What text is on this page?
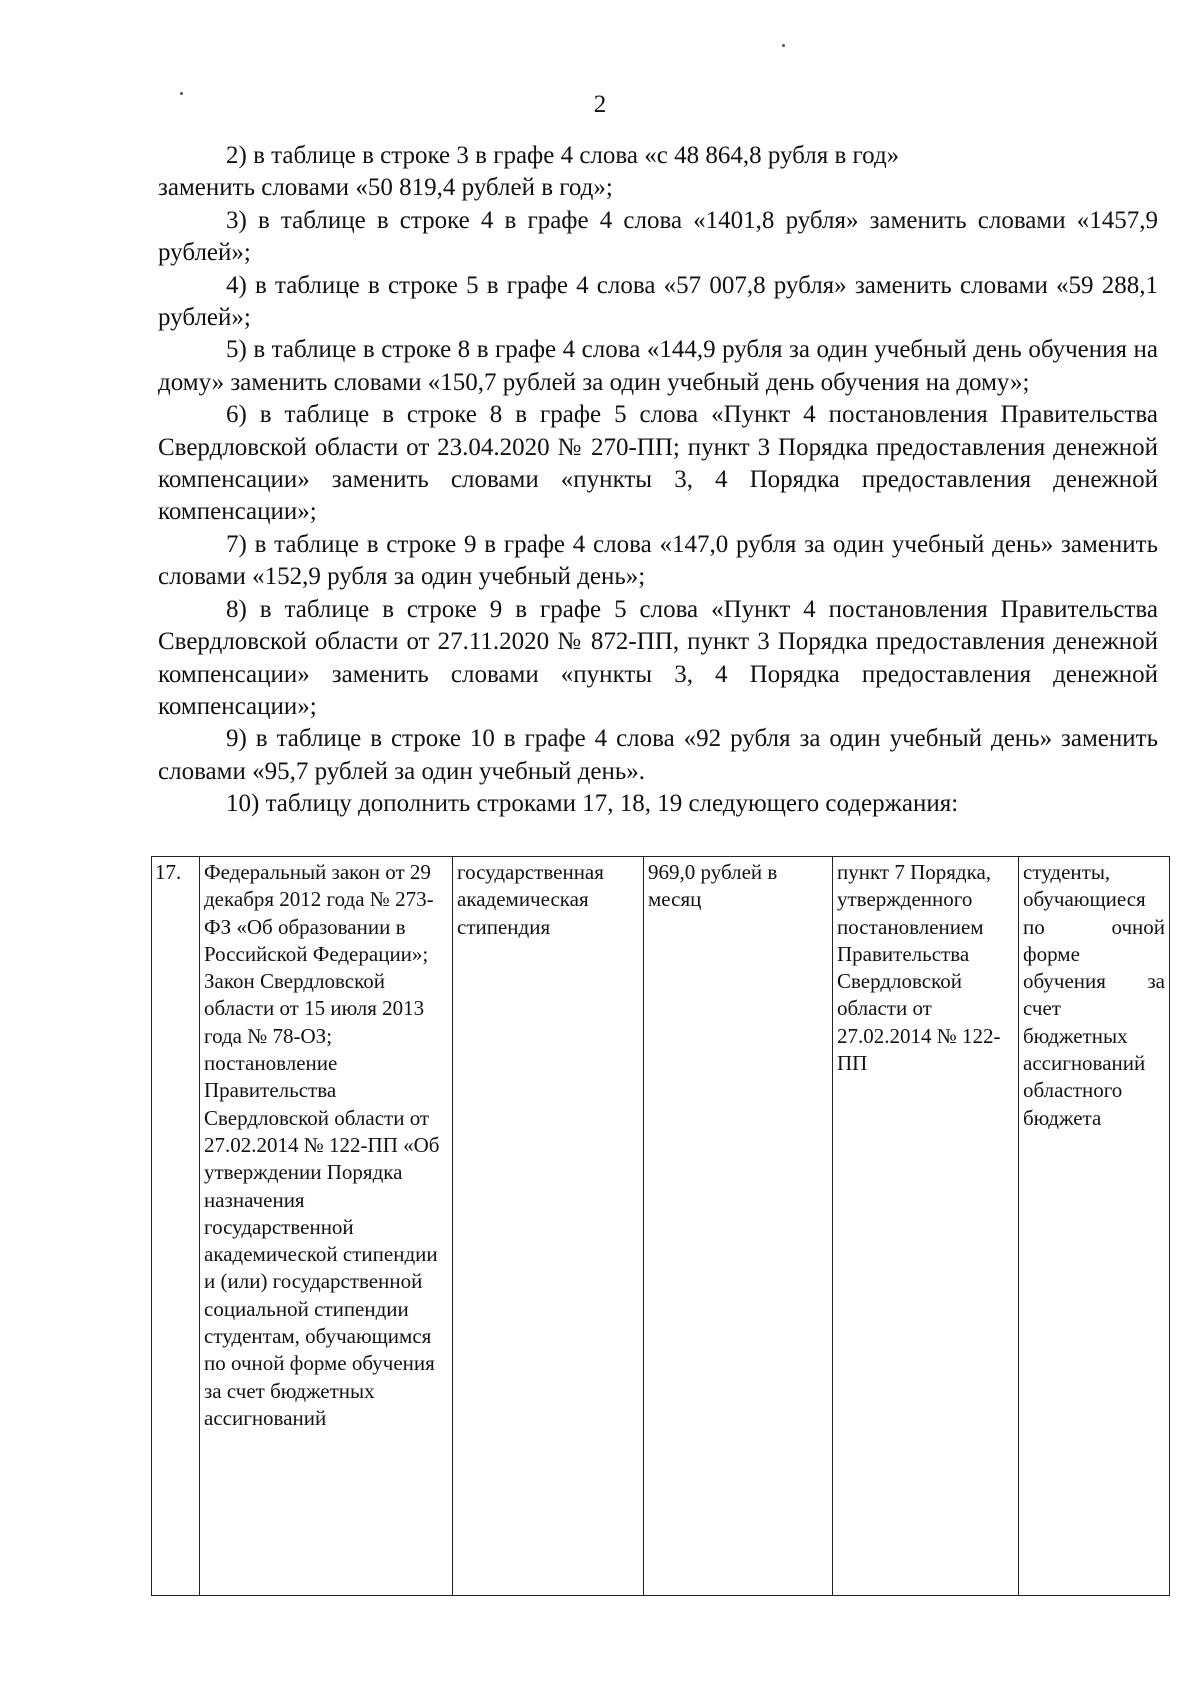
2

2) в таблице в строке 3 в графе 4 слова «с 48 864,8 рубля в год»

заменить словами «50 819,4 рублей в год»;

3) в таблице в строке 4 в графе 4 слова «1401,8 рубля» заменить словами «1457,9 рублей»;

4) в таблице в строке 5 в графе 4 слова «57 007,8 рубля» заменить словами «59 288,1 рублей»;

5) в таблице в строке 8 в графе 4 слова «144,9 рубля за один учебный день обучения на дому» заменить словами «150,7 рублей за один учебный день обучения на дому»;

6) в таблице в строке 8 в графе 5 слова «Пункт 4 постановления Правительства Свердловской области от 23.04.2020 № 270-ПП; пункт 3 Порядка предоставления денежной компенсации» заменить словами «пункты 3, 4 Порядка предоставления денежной компенсации»;

7) в таблице в строке 9 в графе 4 слова «147,0 рубля за один учебный день» заменить словами «152,9 рубля за один учебный день»;

8) в таблице в строке 9 в графе 5 слова «Пункт 4 постановления Правительства Свердловской области от 27.11.2020 № 872-ПП, пункт 3 Порядка предоставления денежной компенсации» заменить словами «пункты 3, 4 Порядка предоставления денежной компенсации»;

9) в таблице в строке 10 в графе 4 слова «92 рубля за один учебный день» заменить словами «95,7 рублей за один учебный день».

10) таблицу дополнить строками 17, 18, 19 следующего содержания:

17.	Федеральный закон от 29 декабря 2012 года № 273-ФЗ «Об образовании в Российской Федерации»; Закон Свердловской области от 15 июля 2013 года № 78-ОЗ; постановление Правительства Свердловской области от 27.02.2014 № 122-ПП «Об утверждении Порядка назначения государственной академической стипендии и (или) государственной социальной стипендии студентам, обучающимся по очной форме обучения за счет бюджетных ассигнований	государственная академическая стипендия	969,0 рублей в месяц	пункт 7 Порядка, утвержденного постановлением Правительства Свердловской области от 27.02.2014 № 122-ПП	студенты, обучающиеся по очной форме обучения за счет бюджетных ассигнований областного бюджета
